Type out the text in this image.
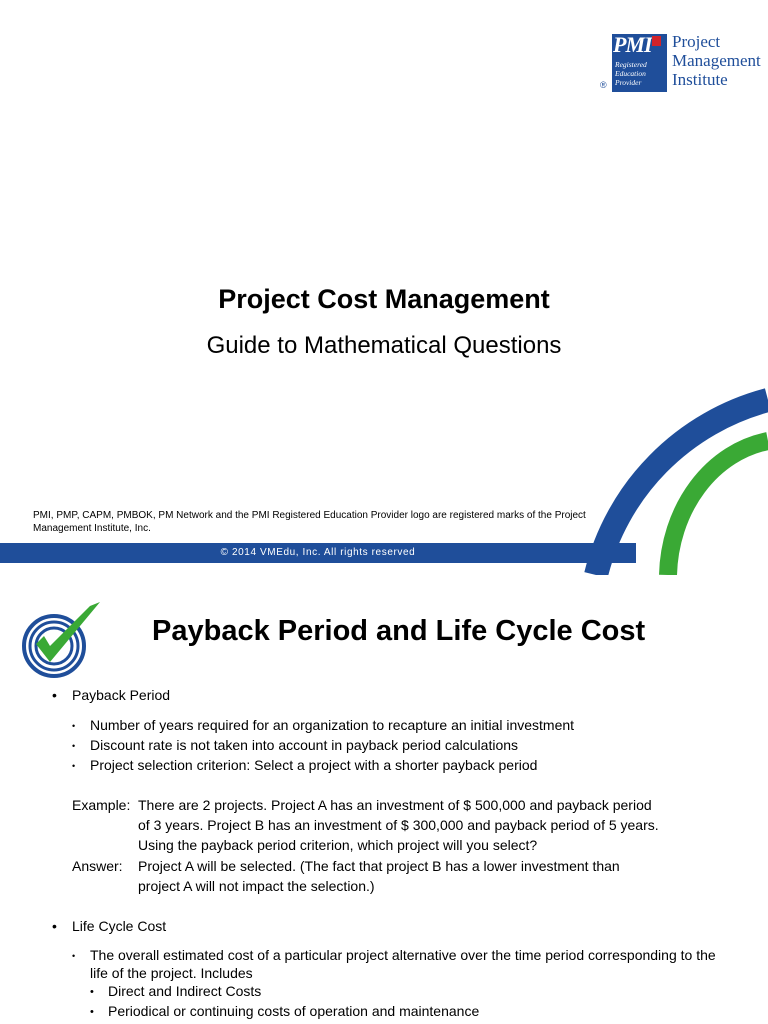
PMI
Registered
Education
Provider
®
Project
Management
Institute
Project Cost Management
Guide to Mathematical Questions
PMI, PMP, CAPM, PMBOK, PM Network and the PMI Registered Education Provider logo are registered marks of the Project Management Institute, Inc.
© 2014 VMEdu, Inc. All rights reserved
Payback Period and Life Cycle Cost
• Payback Period
• Number of years required for an organization to recapture an initial investment
• Discount rate is not taken into account in payback period calculations
• Project selection criterion: Select a project with a shorter payback period
Example: There are 2 projects. Project A has an investment of $ 500,000 and payback period
of 3 years. Project B has an investment of $ 300,000 and payback period of 5 years.
Using the payback period criterion, which project will you select?
Answer: Project A will be selected. (The fact that project B has a lower investment than
project A will not impact the selection.)
• Life Cycle Cost
• The overall estimated cost of a particular project alternative over the time period corresponding to the
life of the project. Includes
• Direct and Indirect Costs
• Periodical or continuing costs of operation and maintenance
